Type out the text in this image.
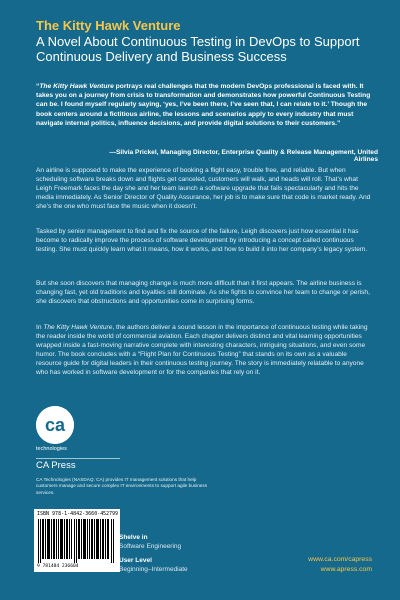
The Kitty Hawk Venture

A Novel About Continuous Testing in DevOps to Support Continuous Delivery and Business Success

“The Kitty Hawk Venture portrays real challenges that the modern DevOps professional is faced with. It takes you on a journey from crisis to transformation and demonstrates how powerful Continuous Testing can be. I found myself regularly saying, ‘yes, I’ve been there, I’ve seen that, I can relate to it.’ Though the book centers around a fictitious airline, the lessons and scenarios apply to every industry that must navigate internal politics, influence decisions, and provide digital solutions to their customers.”

—Silvia Prickel, Managing Director, Enterprise Quality & Release Management, United Airlines

An airline is supposed to make the experience of booking a flight easy, trouble free, and reliable. But when scheduling software breaks down and flights get canceled, customers will walk, and heads will roll. That’s what Leigh Freemark faces the day she and her team launch a software upgrade that fails spectacularly and hits the media immediately. As Senior Director of Quality Assurance, her job is to make sure that code is market ready. And she’s the one who must face the music when it doesn’t.

Tasked by senior management to find and fix the source of the failure, Leigh discovers just how essential it has become to radically improve the process of software development by introducing a concept called continuous testing. She must quickly learn what it means, how it works, and how to build it into her company’s legacy system.

But she soon discovers that managing change is much more difficult than it first appears. The airline business is changing fast, yet old traditions and loyalties still dominate. As she fights to convince her team to change or perish, she discovers that obstructions and opportunities come in surprising forms.

In The Kitty Hawk Venture, the authors deliver a sound lesson in the importance of continuous testing while taking the reader inside the world of commercial aviation. Each chapter delivers distinct and vital learning opportunities wrapped inside a fast-moving narrative complete with interesting characters, intriguing situations, and even some humor. The book concludes with a “Flight Plan for Continuous Testing” that stands on its own as a valuable resource guide for digital leaders in their continuous testing journey. The story is immediately relatable to anyone who has worked in software development or for the companies that rely on it.

ca

technologies

CA Press

CA Technologies (NASDAQ: CA) provides IT management solutions that help customers manage and secure complex IT environments to support agile business services.

ISBN 978-1-4842-3660-4 52799

9 781484 236604

Shelve in

Software Engineering

User Level

Beginning–Intermediate

www.ca.com/capress

www.apress.com
